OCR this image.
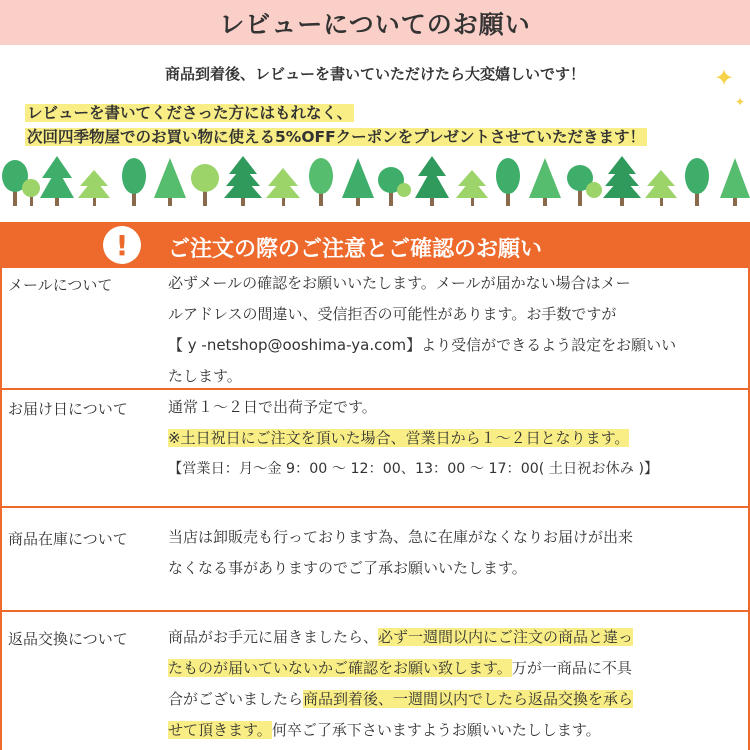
レビューについてのお願い
商品到着後、レビューを書いていただけたら大変嬉しいです！	✦
✦
レビューを書いてくださった方にはもれなく、
次回四季物屋でのお買い物に使える5%OFFクーポンをプレゼントさせていただきます！
!	ご注文の際のご注意とご確認のお願い
メールについて	必ずメールの確認をお願いいたします。メールが届かない場合はメー
ルアドレスの間違い、受信拒否の可能性があります。お手数ですが
【 y -netshop@ooshima-ya.com】より受信ができるよう設定をお願いい
たします。
お届け日について	通常１～２日で出荷予定です。
※土日祝日にご注文を頂いた場合、営業日から１～２日となります。
【営業日：月～金 9：00 ～ 12：00、13：00 ～ 17：00( 土日祝お休み )】
商品在庫について	当店は卸販売も行っております為、急に在庫がなくなりお届けが出来
なくなる事がありますのでご了承お願いいたします。
返品交換について	商品がお手元に届きましたら、必ず一週間以内にご注文の商品と違っ
たものが届いていないかご確認をお願い致します。万が一商品に不具
合がございましたら商品到着後、一週間以内でしたら返品交換を承ら
せて頂きます。何卒ご了承下さいますようお願いいたしします。
